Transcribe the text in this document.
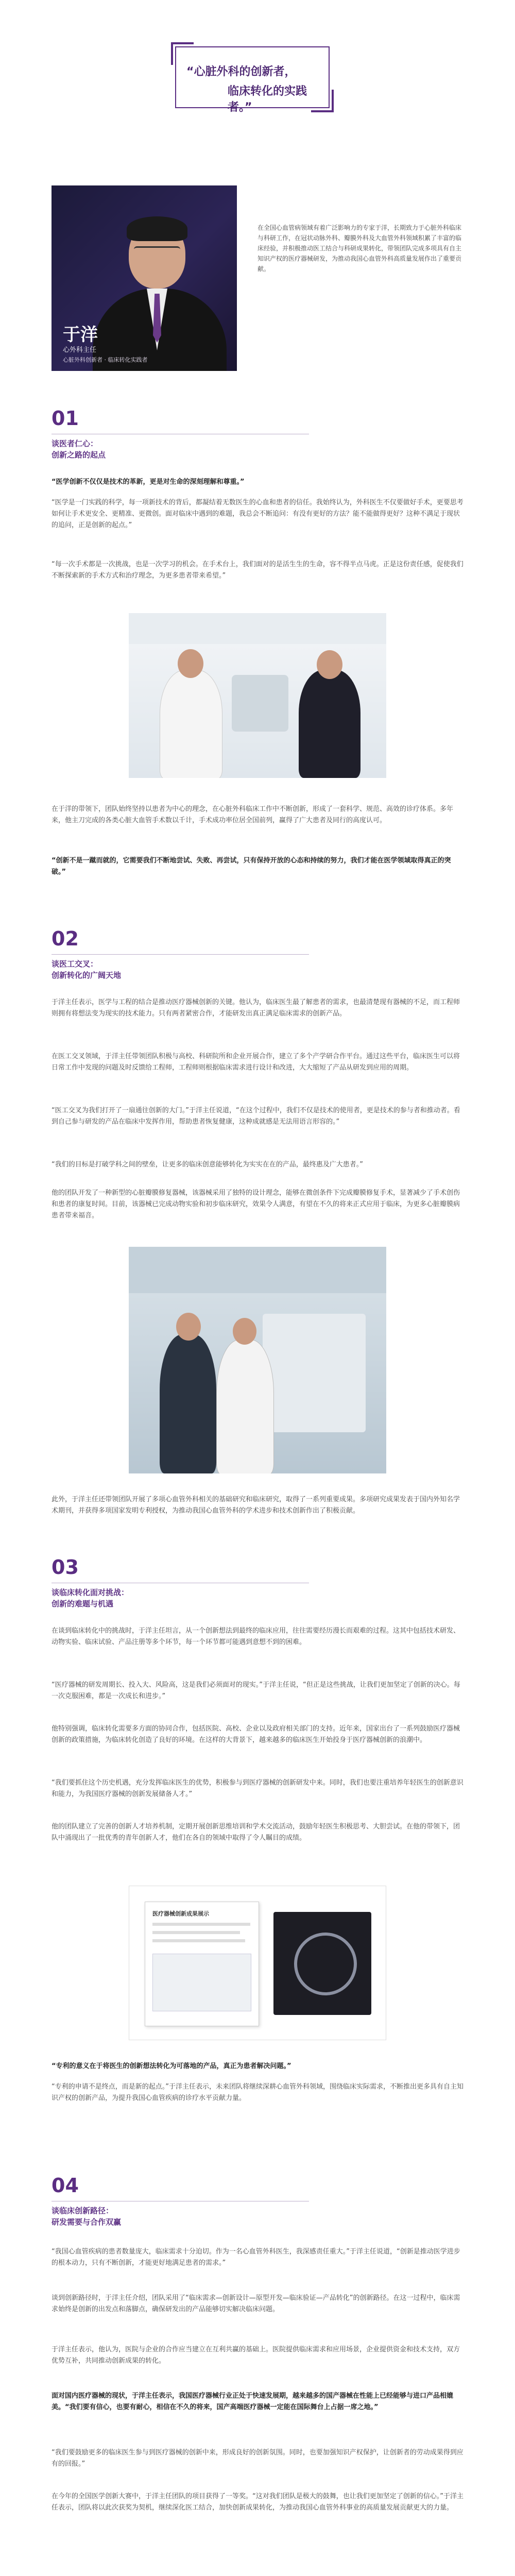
“心脏外科的创新者，
临床转化的实践者。”
于洋
心外科主任
心脏外科创新者 · 临床转化实践者

在全国心血管病领域有着广泛影响力的专家于洋，长期致力于心脏外科临床与科研工作，在冠状动脉外科、瓣膜外科及大血管外科领域积累了丰富的临床经验，并积极推动医工结合与科研成果转化，带领团队完成多项具有自主知识产权的医疗器械研发，为推动我国心血管外科高质量发展作出了重要贡献。

01
谈医者仁心：
创新之路的起点

“医学创新不仅仅是技术的革新，更是对生命的深刻理解和尊重。”

“医学是一门实践的科学，每一项新技术的背后，都凝结着无数医生的心血和患者的信任。我始终认为，外科医生不仅要做好手术，更要思考如何让手术更安全、更精准、更微创。面对临床中遇到的难题，我总会不断追问：有没有更好的方法？能不能做得更好？这种不满足于现状的追问，正是创新的起点。”

“每一次手术都是一次挑战，也是一次学习的机会。在手术台上，我们面对的是活生生的生命，容不得半点马虎。正是这份责任感，促使我们不断探索新的手术方式和治疗理念，为更多患者带来希望。”

在于洋的带领下，团队始终坚持以患者为中心的理念，在心脏外科临床工作中不断创新，形成了一套科学、规范、高效的诊疗体系。多年来，他主刀完成的各类心脏大血管手术数以千计，手术成功率位居全国前列，赢得了广大患者及同行的高度认可。

“创新不是一蹴而就的，它需要我们不断地尝试、失败、再尝试，只有保持开放的心态和持续的努力，我们才能在医学领域取得真正的突破。”

02
谈医工交叉：
创新转化的广阔天地

于洋主任表示，医学与工程的结合是推动医疗器械创新的关键。他认为，临床医生最了解患者的需求，也最清楚现有器械的不足，而工程师则拥有将想法变为现实的技术能力。只有两者紧密合作，才能研发出真正满足临床需求的创新产品。

在医工交叉领域，于洋主任带领团队积极与高校、科研院所和企业开展合作，建立了多个产学研合作平台。通过这些平台，临床医生可以将日常工作中发现的问题及时反馈给工程师，工程师则根据临床需求进行设计和改进，大大缩短了产品从研发到应用的周期。

“医工交叉为我们打开了一扇通往创新的大门。”于洋主任说道，“在这个过程中，我们不仅是技术的使用者，更是技术的参与者和推动者。看到自己参与研发的产品在临床中发挥作用，帮助患者恢复健康，这种成就感是无法用语言形容的。”

“我们的目标是打破学科之间的壁垒，让更多的临床创意能够转化为实实在在的产品，最终惠及广大患者。”

他的团队开发了一种新型的心脏瓣膜修复器械，该器械采用了独特的设计理念，能够在微创条件下完成瓣膜修复手术，显著减少了手术创伤和患者的康复时间。目前，该器械已完成动物实验和初步临床研究，效果令人满意，有望在不久的将来正式应用于临床，为更多心脏瓣膜病患者带来福音。

此外，于洋主任还带领团队开展了多项心血管外科相关的基础研究和临床研究，取得了一系列重要成果。多项研究成果发表于国内外知名学术期刊，并获得多项国家发明专利授权，为推动我国心血管外科的学术进步和技术创新作出了积极贡献。

03
谈临床转化面对挑战：
创新的难题与机遇

在谈到临床转化中的挑战时，于洋主任坦言，从一个创新想法到最终的临床应用，往往需要经历漫长而艰难的过程。这其中包括技术研发、动物实验、临床试验、产品注册等多个环节，每一个环节都可能遇到意想不到的困难。

“医疗器械的研发周期长、投入大、风险高，这是我们必须面对的现实。”于洋主任说，“但正是这些挑战，让我们更加坚定了创新的决心。每一次克服困难，都是一次成长和进步。”

他特别强调，临床转化需要多方面的协同合作，包括医院、高校、企业以及政府相关部门的支持。近年来，国家出台了一系列鼓励医疗器械创新的政策措施，为临床转化创造了良好的环境。在这样的大背景下，越来越多的临床医生开始投身于医疗器械创新的浪潮中。

“我们要抓住这个历史机遇，充分发挥临床医生的优势，积极参与到医疗器械的创新研发中来。同时，我们也要注重培养年轻医生的创新意识和能力，为我国医疗器械的创新发展储备人才。”

他的团队建立了完善的创新人才培养机制，定期开展创新思维培训和学术交流活动，鼓励年轻医生积极思考、大胆尝试。在他的带领下，团队中涌现出了一批优秀的青年创新人才，他们在各自的领域中取得了令人瞩目的成绩。

医疗器械创新成果展示

“专利的意义在于将医生的创新想法转化为可落地的产品，真正为患者解决问题。”

“专利的申请不是终点，而是新的起点。”于洋主任表示，未来团队将继续深耕心血管外科领域，围绕临床实际需求，不断推出更多具有自主知识产权的创新产品，为提升我国心血管疾病的诊疗水平贡献力量。

04
谈临床创新路径：
研发需要与合作双赢

“我国心血管疾病的患者数量庞大，临床需求十分迫切。作为一名心血管外科医生，我深感责任重大。”于洋主任说道，“创新是推动医学进步的根本动力，只有不断创新，才能更好地满足患者的需求。”

谈到创新路径时，于洋主任介绍，团队采用了“临床需求—创新设计—原型开发—临床验证—产品转化”的创新路径。在这一过程中，临床需求始终是创新的出发点和落脚点，确保研发出的产品能够切实解决临床问题。

于洋主任表示，他认为，医院与企业的合作应当建立在互利共赢的基础上。医院提供临床需求和应用场景，企业提供资金和技术支持，双方优势互补，共同推动创新成果的转化。

面对国内医疗器械的现状，于洋主任表示，我国医疗器械行业正处于快速发展期，越来越多的国产器械在性能上已经能够与进口产品相媲美。“我们要有信心，也要有耐心，相信在不久的将来，国产高端医疗器械一定能在国际舞台上占据一席之地。”

“我们要鼓励更多的临床医生参与到医疗器械的创新中来，形成良好的创新氛围。同时，也要加强知识产权保护，让创新者的劳动成果得到应有的回报。”

在今年的全国医学创新大赛中，于洋主任团队的项目获得了一等奖。“这对我们团队是极大的鼓舞，也让我们更加坚定了创新的信心。”于洋主任表示，团队将以此次获奖为契机，继续深化医工结合，加快创新成果转化，为推动我国心血管外科事业的高质量发展贡献更大的力量。
